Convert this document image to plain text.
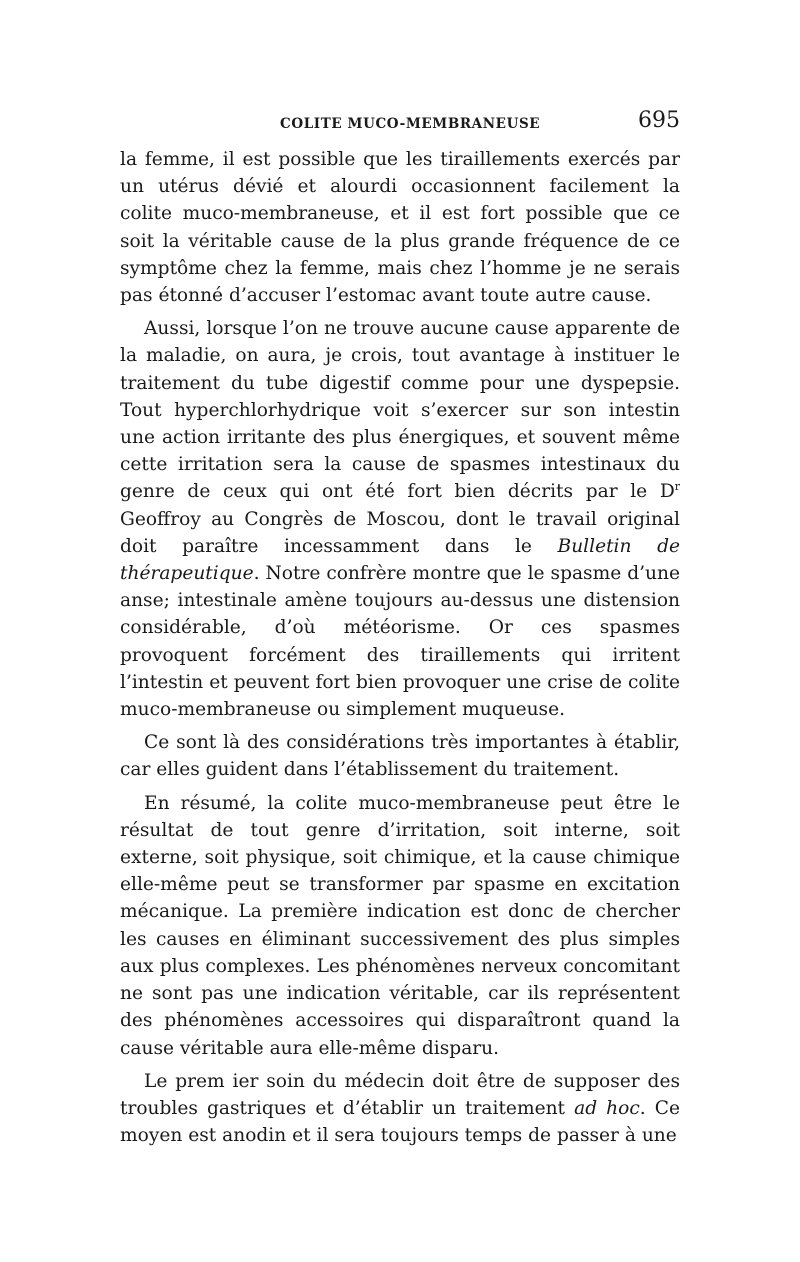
COLITE MUCO-MEMBRANEUSE	695

la femme, il est possible que les tiraillements exercés par un utérus dévié et alourdi occasionnent facilement la colite muco-membraneuse, et il est fort possible que ce soit la véritable cause de la plus grande fréquence de ce symptôme chez la femme, mais chez l’homme je ne serais pas étonné d’accuser l’estomac avant toute autre cause.

Aussi, lorsque l’on ne trouve aucune cause apparente de la maladie, on aura, je crois, tout avantage à instituer le traitement du tube digestif comme pour une dyspepsie. Tout hyperchlorhydrique voit s’exercer sur son intestin une action irritante des plus énergiques, et souvent même cette irritation sera la cause de spasmes intestinaux du genre de ceux qui ont été fort bien décrits par le $D^r$ Geoffroy au Congrès de Moscou, dont le travail original doit paraître incessamment dans le Bulletin de thérapeutique. Notre confrère montre que le spasme d’une anse; intestinale amène toujours au-dessus une distension considérable, d’où météorisme. Or ces spasmes provoquent forcément des tiraillements qui irritent l’intestin et peuvent fort bien provoquer une crise de colite muco-membraneuse ou simplement muqueuse.

Ce sont là des considérations très importantes à établir, car elles guident dans l’établissement du traitement.

En résumé, la colite muco-membraneuse peut être le résultat de tout genre d’irritation, soit interne, soit externe, soit physique, soit chimique, et la cause chimique elle-même peut se transformer par spasme en excitation mécanique. La première indication est donc de chercher les causes en éliminant successivement des plus simples aux plus complexes. Les phénomènes nerveux concomitant ne sont pas une indication véritable, car ils représentent des phénomènes accessoires qui disparaîtront quand la cause véritable aura elle-même disparu.

Le prem ier soin du médecin doit être de supposer des troubles gastriques et d’établir un traitement ad hoc. Ce moyen est anodin et il sera toujours temps de passer à une
